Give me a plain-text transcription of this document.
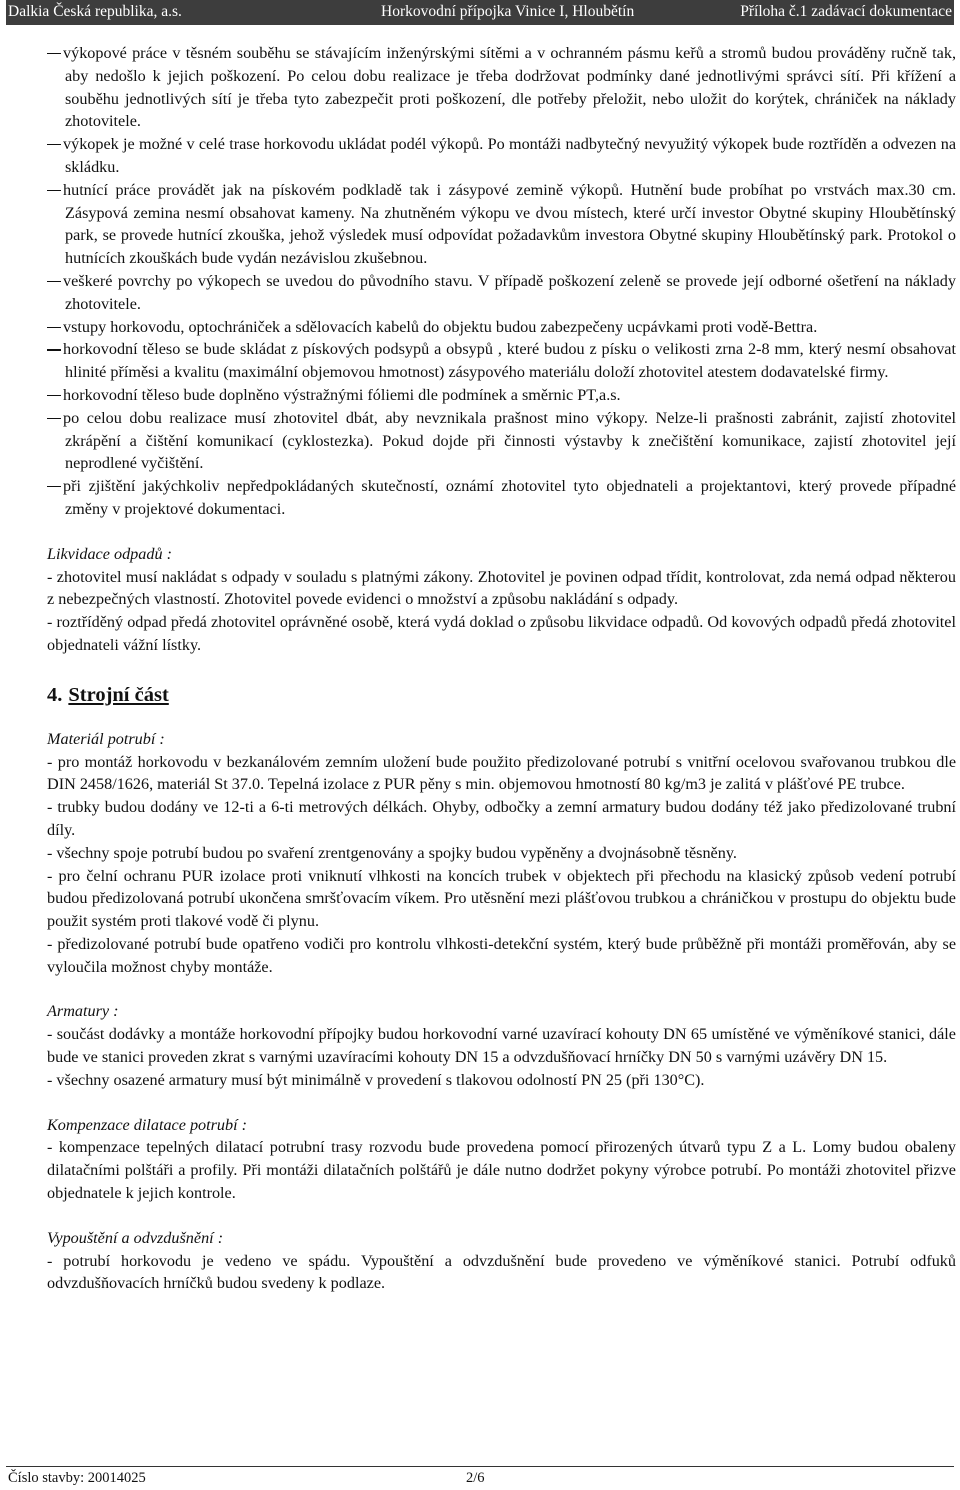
Dalkia Česká republika, a.s.	Horkovodní přípojka Vinice I, Hloubětín	Příloha č.1 zadávací dokumentace

výkopové práce v těsném souběhu se stávajícím inženýrskými sítěmi a v ochranném pásmu keřů a stromů budou prováděny ručně tak, aby nedošlo k jejich poškození. Po celou dobu realizace je třeba dodržovat podmínky dané jednotlivými správci sítí. Při křížení a souběhu jednotlivých sítí je třeba tyto zabezpečit proti poškození, dle potřeby přeložit, nebo uložit do korýtek, chrániček na náklady zhotovitele.

výkopek je možné v celé trase horkovodu ukládat podél výkopů. Po montáži nadbytečný nevyužitý výkopek bude roztříděn a odvezen na skládku.

hutnící práce provádět jak na pískovém podkladě tak i zásypové zemině výkopů. Hutnění bude probíhat po vrstvách max.30 cm. Zásypová zemina nesmí obsahovat kameny. Na zhutněném výkopu ve dvou místech, které určí investor Obytné skupiny Hloubětínský park, se provede hutnící zkouška, jehož výsledek musí odpovídat požadavkům investora Obytné skupiny Hloubětínský park. Protokol o hutnících zkouškách bude vydán nezávislou zkušebnou.

veškeré povrchy po výkopech se uvedou do původního stavu. V případě poškození zeleně se provede její odborné ošetření na náklady zhotovitele.

vstupy horkovodu, optochrániček a sdělovacích kabelů do objektu budou zabezpečeny ucpávkami proti vodě-Bettra.

horkovodní těleso se bude skládat z pískových podsypů a obsypů , které budou z písku o velikosti zrna 2-8 mm, který nesmí obsahovat hlinité příměsi a kvalitu (maximální objemovou hmotnost) zásypového materiálu doloží zhotovitel atestem dodavatelské firmy.

horkovodní těleso bude doplněno výstražnými fóliemi dle podmínek a směrnic PT,a.s.

po celou dobu realizace musí zhotovitel dbát, aby nevznikala prašnost mino výkopy. Nelze-li prašnosti zabránit, zajistí zhotovitel zkrápění a čištění komunikací (cyklostezka). Pokud dojde při činnosti výstavby k znečištění komunikace, zajistí zhotovitel její neprodlené vyčištění.

při zjištění jakýchkoliv nepředpokládaných skutečností, oznámí zhotovitel tyto objednateli a projektantovi, který provede případné změny v projektové dokumentaci.

Likvidace odpadů :

- zhotovitel musí nakládat s odpady v souladu s platnými zákony. Zhotovitel je povinen odpad třídit, kontrolovat, zda nemá odpad některou z nebezpečných vlastností. Zhotovitel povede evidenci o množství a způsobu nakládání s odpady.

- roztříděný odpad předá zhotovitel oprávněné osobě, která vydá doklad o způsobu likvidace odpadů. Od kovových odpadů předá zhotovitel objednateli vážní lístky.

4. Strojní část

Materiál potrubí :

- pro montáž horkovodu v bezkanálovém zemním uložení bude použito předizolované potrubí s vnitřní ocelovou svařovanou trubkou dle DIN 2458/1626, materiál St 37.0. Tepelná izolace z PUR pěny s min. objemovou hmotností 80 kg/m3 je zalitá v plášťové PE trubce.

- trubky budou dodány ve 12-ti a 6-ti metrových délkách. Ohyby, odbočky a zemní armatury budou dodány též jako předizolované trubní díly.

- všechny spoje potrubí budou po svaření zrentgenovány a spojky budou vypěněny a dvojnásobně těsněny.

- pro čelní ochranu PUR izolace proti vniknutí vlhkosti na koncích trubek v objektech při přechodu na klasický způsob vedení potrubí budou předizolovaná potrubí ukončena smršťovacím víkem. Pro utěsnění mezi plášťovou trubkou a chráničkou v prostupu do objektu bude použit systém proti tlakové vodě či plynu.

- předizolované potrubí bude opatřeno vodiči pro kontrolu vlhkosti-detekční systém, který bude průběžně při montáži proměřován, aby se vyloučila možnost chyby montáže.

Armatury :

- součást dodávky a montáže horkovodní přípojky budou horkovodní varné uzavírací kohouty DN 65 umístěné ve výměníkové stanici, dále bude ve stanici proveden zkrat s varnými uzavíracími kohouty DN 15 a odvzdušňovací hrníčky DN 50 s varnými uzávěry DN 15.

- všechny osazené armatury musí být minimálně v provedení s tlakovou odolností PN 25 (při 130°C).

Kompenzace dilatace potrubí :

- kompenzace tepelných dilatací potrubní trasy rozvodu bude provedena pomocí přirozených útvarů typu Z a L. Lomy budou obaleny dilatačními polštáři a profily. Při montáži dilatačních polštářů je dále nutno dodržet pokyny výrobce potrubí. Po montáži zhotovitel přizve objednatele k jejich kontrole.

Vypouštění a odvzdušnění :

- potrubí horkovodu je vedeno ve spádu. Vypouštění a odvzdušnění bude provedeno ve výměníkové stanici. Potrubí odfuků odvzdušňovacích hrníčků budou svedeny k podlaze.

Číslo stavby: 20014025	2/6
